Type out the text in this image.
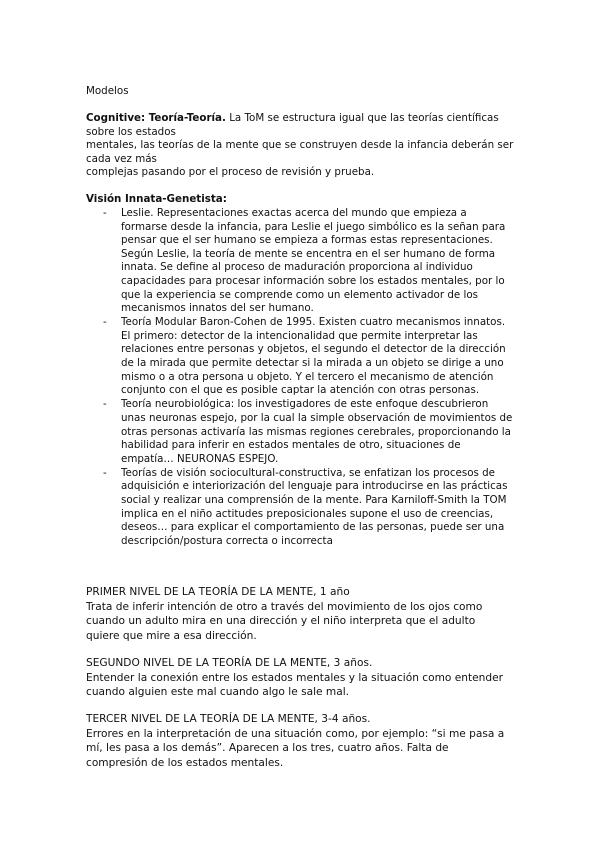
Modelos

Cognitive: Teoría-Teoría. La ToM se estructura igual que las teorías científicas sobre los estados

mentales, las teorías de la mente que se construyen desde la infancia deberán ser cada vez más

complejas pasando por el proceso de revisión y prueba.

Visión Innata-Genetista:
- Leslie. Representaciones exactas acerca del mundo que empieza a formarse desde la infancia, para Leslie el juego simbólico es la señan para pensar que el ser humano se empieza a formas estas representaciones. Según Leslie, la teoría de mente se encentra en el ser humano de forma innata. Se define al proceso de maduración proporciona al individuo capacidades para procesar información sobre los estados mentales, por lo que la experiencia se comprende como un elemento activador de los mecanismos innatos del ser humano.
- Teoría Modular Baron-Cohen de 1995. Existen cuatro mecanismos innatos. El primero: detector de la intencionalidad que permite interpretar las relaciones entre personas y objetos, el segundo el detector de la dirección de la mirada que permite detectar si la mirada a un objeto se dirige a uno mismo o a otra persona u objeto. Y el tercero el mecanismo de atención conjunto con el que es posible captar la atención con otras personas.
- Teoría neurobiológica: los investigadores de este enfoque descubrieron unas neuronas espejo, por la cual la simple observación de movimientos de otras personas activaría las mismas regiones cerebrales, proporcionando la habilidad para inferir en estados mentales de otro, situaciones de empatía… NEURONAS ESPEJO.
- Teorías de visión sociocultural-constructiva, se enfatizan los procesos de adquisición e interiorización del lenguaje para introducirse en las prácticas social y realizar una comprensión de la mente. Para Karniloff-Smith la TOM implica en el niño actitudes preposicionales supone el uso de creencias, deseos… para explicar el comportamiento de las personas, puede ser una descripción/postura correcta o incorrecta

PRIMER NIVEL DE LA TEORÍA DE LA MENTE, 1 año

Trata de inferir intención de otro a través del movimiento de los ojos como

cuando un adulto mira en una dirección y el niño interpreta que el adulto

quiere que mire a esa dirección.

SEGUNDO NIVEL DE LA TEORÍA DE LA MENTE, 3 años.

Entender la conexión entre los estados mentales y la situación como entender

cuando alguien este mal cuando algo le sale mal.

TERCER NIVEL DE LA TEORÍA DE LA MENTE, 3-4 años.

Errores en la interpretación de una situación como, por ejemplo: “si me pasa a

mí, les pasa a los demás”. Aparecen a los tres, cuatro años. Falta de

compresión de los estados mentales.
